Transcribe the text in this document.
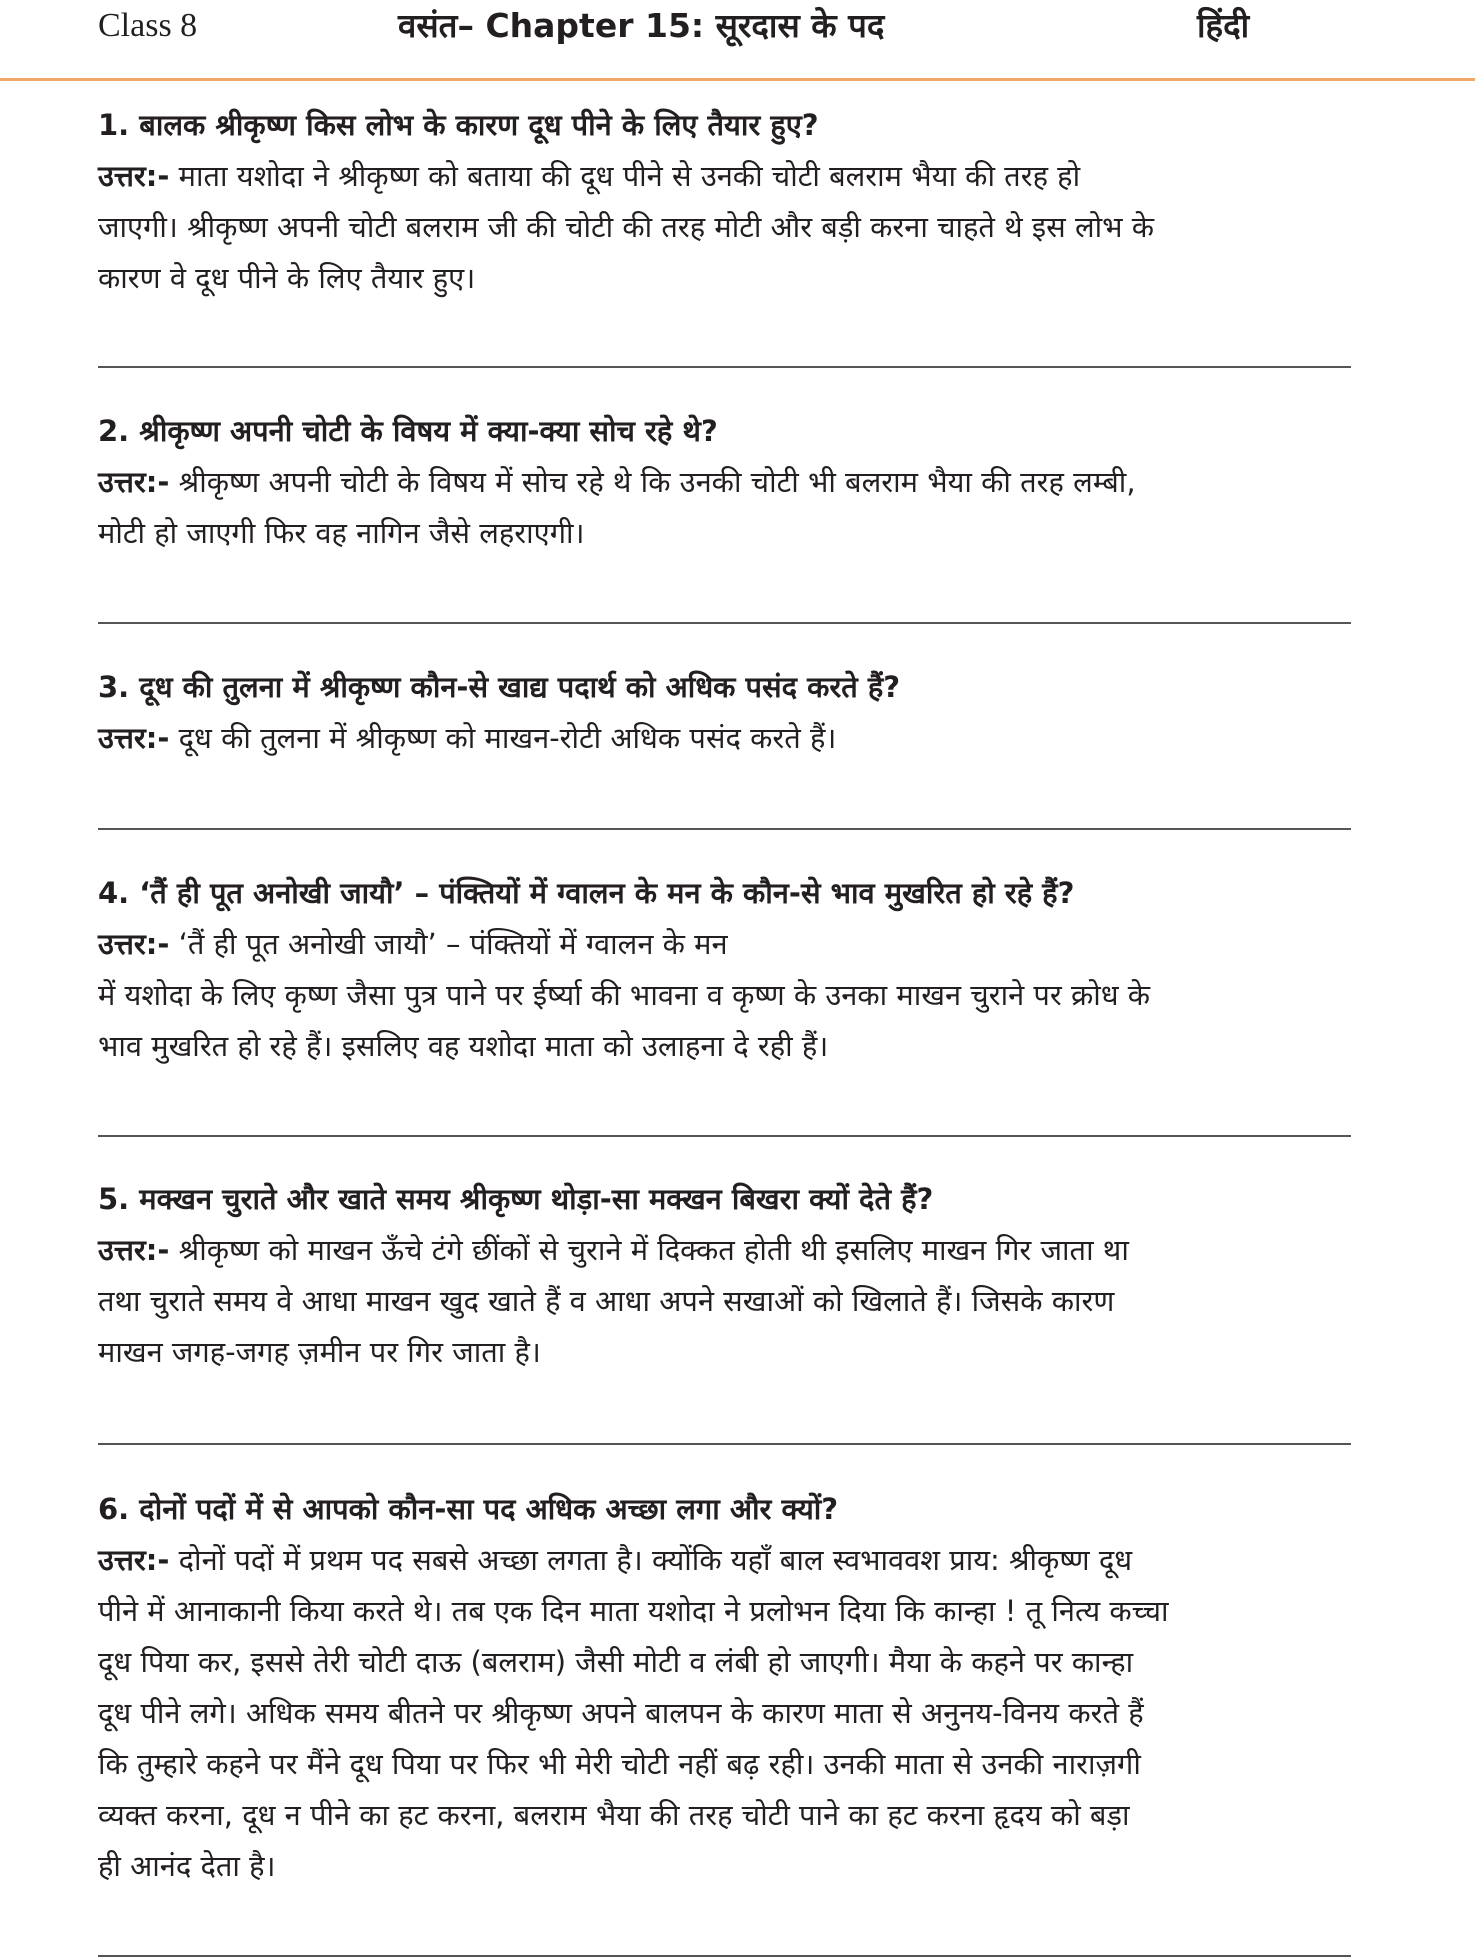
Class 8	वसंत– Chapter 15: सूरदास के पद	हिंदी
1. बालक श्रीकृष्ण किस लोभ के कारण दूध पीने के लिए तैयार हुए?
उत्तर:- माता यशोदा ने श्रीकृष्ण को बताया की दूध पीने से उनकी चोटी बलराम भैया की तरह हो
जाएगी। श्रीकृष्ण अपनी चोटी बलराम जी की चोटी की तरह मोटी और बड़ी करना चाहते थे इस लोभ के
कारण वे दूध पीने के लिए तैयार हुए।
2. श्रीकृष्ण अपनी चोटी के विषय में क्या-क्या सोच रहे थे?
उत्तर:- श्रीकृष्ण अपनी चोटी के विषय में सोच रहे थे कि उनकी चोटी भी बलराम भैया की तरह लम्बी,
मोटी हो जाएगी फिर वह नागिन जैसे लहराएगी।
3. दूध की तुलना में श्रीकृष्ण कौन-से खाद्य पदार्थ को अधिक पसंद करते हैं?
उत्तर:- दूध की तुलना में श्रीकृष्ण को माखन-रोटी अधिक पसंद करते हैं।
4. ‘तैं ही पूत अनोखी जायौ’ – पंक्तियों में ग्वालन के मन के कौन-से भाव मुखरित हो रहे हैं?
उत्तर:- ‘तैं ही पूत अनोखी जायौ’ – पंक्तियों में ग्वालन के मन
में यशोदा के लिए कृष्ण जैसा पुत्र पाने पर ईर्ष्या की भावना व कृष्ण के उनका माखन चुराने पर क्रोध के
भाव मुखरित हो रहे हैं। इसलिए वह यशोदा माता को उलाहना दे रही हैं।
5. मक्खन चुराते और खाते समय श्रीकृष्ण थोड़ा-सा मक्खन बिखरा क्यों देते हैं?
उत्तर:- श्रीकृष्ण को माखन ऊँचे टंगे छींकों से चुराने में दिक्कत होती थी इसलिए माखन गिर जाता था
तथा चुराते समय वे आधा माखन खुद खाते हैं व आधा अपने सखाओं को खिलाते हैं। जिसके कारण
माखन जगह-जगह ज़मीन पर गिर जाता है।
6. दोनों पदों में से आपको कौन-सा पद अधिक अच्छा लगा और क्यों?
उत्तर:- दोनों पदों में प्रथम पद सबसे अच्छा लगता है। क्योंकि यहाँ बाल स्वभाववश प्राय: श्रीकृष्ण दूध
पीने में आनाकानी किया करते थे। तब एक दिन माता यशोदा ने प्रलोभन दिया कि कान्हा ! तू नित्य कच्चा
दूध पिया कर, इससे तेरी चोटी दाऊ (बलराम) जैसी मोटी व लंबी हो जाएगी। मैया के कहने पर कान्हा
दूध पीने लगे। अधिक समय बीतने पर श्रीकृष्ण अपने बालपन के कारण माता से अनुनय-विनय करते हैं
कि तुम्हारे कहने पर मैंने दूध पिया पर फिर भी मेरी चोटी नहीं बढ़ रही। उनकी माता से उनकी नाराज़गी
व्यक्त करना, दूध न पीने का हट करना, बलराम भैया की तरह चोटी पाने का हट करना हृदय को बड़ा
ही आनंद देता है।
